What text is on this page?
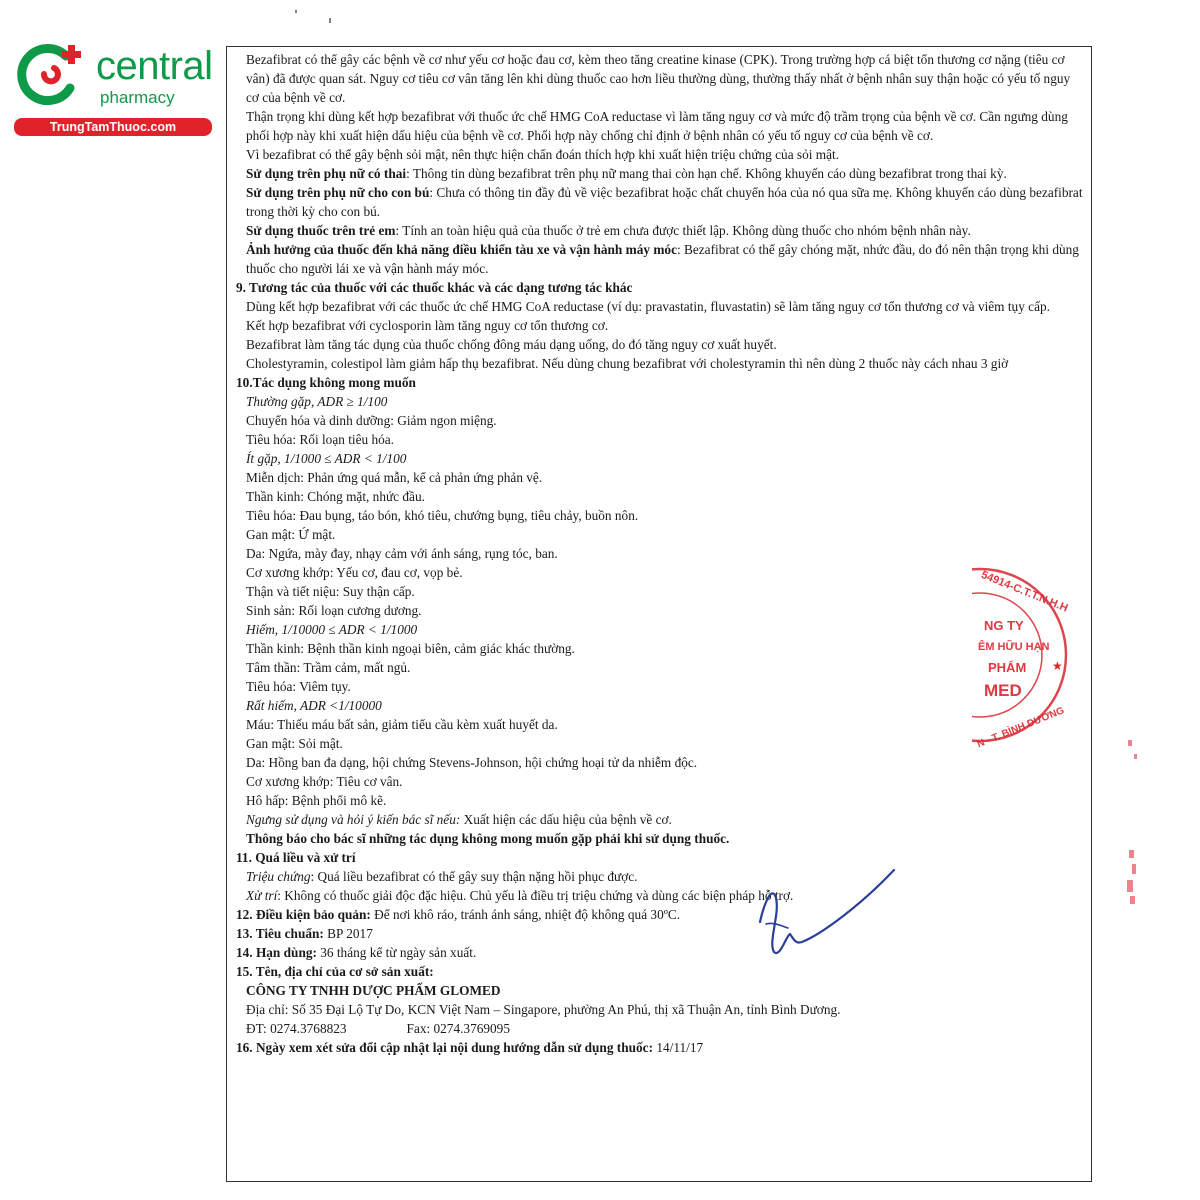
central
pharmacy
TrungTamThuoc.com

Bezafibrat có thể gây các bệnh về cơ như yếu cơ hoặc đau cơ, kèm theo tăng creatine kinase (CPK). Trong trường hợp cá biệt tổn thương cơ nặng (tiêu cơ vân) đã được quan sát. Nguy cơ tiêu cơ vân tăng lên khi dùng thuốc cao hơn liều thường dùng, thường thấy nhất ở bệnh nhân suy thận hoặc có yếu tố nguy cơ của bệnh về cơ.

Thận trọng khi dùng kết hợp bezafibrat với thuốc ức chế HMG CoA reductase vì làm tăng nguy cơ và mức độ trầm trọng của bệnh về cơ. Cần ngưng dùng phối hợp này khi xuất hiện dấu hiệu của bệnh về cơ. Phối hợp này chống chỉ định ở bệnh nhân có yếu tố nguy cơ của bệnh về cơ.

Vì bezafibrat có thể gây bệnh sỏi mật, nên thực hiện chẩn đoán thích hợp khi xuất hiện triệu chứng của sỏi mật.

Sử dụng trên phụ nữ có thai: Thông tin dùng bezafibrat trên phụ nữ mang thai còn hạn chế. Không khuyến cáo dùng bezafibrat trong thai kỳ.

Sử dụng trên phụ nữ cho con bú: Chưa có thông tin đầy đủ về việc bezafibrat hoặc chất chuyển hóa của nó qua sữa mẹ. Không khuyến cáo dùng bezafibrat trong thời kỳ cho con bú.

Sử dụng thuốc trên trẻ em: Tính an toàn hiệu quả của thuốc ở trẻ em chưa được thiết lập. Không dùng thuốc cho nhóm bệnh nhân này.

Ảnh hưởng của thuốc đến khả năng điều khiển tàu xe và vận hành máy móc: Bezafibrat có thể gây chóng mặt, nhức đầu, do đó nên thận trọng khi dùng thuốc cho người lái xe và vận hành máy móc.

9. Tương tác của thuốc với các thuốc khác và các dạng tương tác khác

Dùng kết hợp bezafibrat với các thuốc ức chế HMG CoA reductase (ví dụ: pravastatin, fluvastatin) sẽ làm tăng nguy cơ tổn thương cơ và viêm tụy cấp.

Kết hợp bezafibrat với cyclosporin làm tăng nguy cơ tổn thương cơ.

Bezafibrat làm tăng tác dụng của thuốc chống đông máu dạng uống, do đó tăng nguy cơ xuất huyết.

Cholestyramin, colestipol làm giảm hấp thụ bezafibrat. Nếu dùng chung bezafibrat với cholestyramin thì nên dùng 2 thuốc này cách nhau 3 giờ

10.Tác dụng không mong muốn

Thường gặp, ADR ≥ 1/100

Chuyển hóa và dinh dưỡng: Giảm ngon miệng.

Tiêu hóa: Rối loạn tiêu hóa.

Ít gặp, 1/1000 ≤ ADR < 1/100

Miễn dịch: Phản ứng quá mẫn, kể cả phản ứng phản vệ.

Thần kinh: Chóng mặt, nhức đầu.

Tiêu hóa: Đau bụng, táo bón, khó tiêu, chướng bụng, tiêu chảy, buồn nôn.

Gan mật: Ứ mật.

Da: Ngứa, mày đay, nhạy cảm với ánh sáng, rụng tóc, ban.

Cơ xương khớp: Yếu cơ, đau cơ, vọp bẻ.

Thận và tiết niệu: Suy thận cấp.

Sinh sản: Rối loạn cương dương.

Hiếm, 1/10000 ≤ ADR < 1/1000

Thần kinh: Bệnh thần kinh ngoại biên, cảm giác khác thường.

Tâm thần: Trầm cảm, mất ngủ.

Tiêu hóa: Viêm tụy.

Rất hiếm, ADR <1/10000

Máu: Thiếu máu bất sản, giảm tiểu cầu kèm xuất huyết da.

Gan mật: Sỏi mật.

Da: Hồng ban đa dạng, hội chứng Stevens-Johnson, hội chứng hoại tử da nhiễm độc.

Cơ xương khớp: Tiêu cơ vân.

Hô hấp: Bệnh phổi mô kẽ.

Ngưng sử dụng và hỏi ý kiến bác sĩ nếu: Xuất hiện các dấu hiệu của bệnh về cơ.

Thông báo cho bác sĩ những tác dụng không mong muốn gặp phải khi sử dụng thuốc.

11. Quá liều và xử trí

Triệu chứng: Quá liều bezafibrat có thể gây suy thận nặng hồi phục được.

Xử trí: Không có thuốc giải độc đặc hiệu. Chủ yếu là điều trị triệu chứng và dùng các biện pháp hỗ trợ.

12. Điều kiện bảo quản: Để nơi khô ráo, tránh ánh sáng, nhiệt độ không quá 30ºC.

13. Tiêu chuẩn: BP 2017

14. Hạn dùng: 36 tháng kể từ ngày sản xuất.

15. Tên, địa chỉ của cơ sở sản xuất:

CÔNG TY TNHH DƯỢC PHẨM GLOMED

Địa chỉ: Số 35 Đại Lộ Tự Do, KCN Việt Nam – Singapore, phường An Phú, thị xã Thuận An, tỉnh Bình Dương.

ĐT: 0274.3768823	Fax: 0274.3769095

16. Ngày xem xét sửa đổi cập nhật lại nội dung hướng dẫn sử dụng thuốc: 14/11/17

54914-C.T.T.N.H.H
NG TY
ÊM HỮU HẠN
PHẨM
MED
N - T. BÌNH DƯƠNG
★
